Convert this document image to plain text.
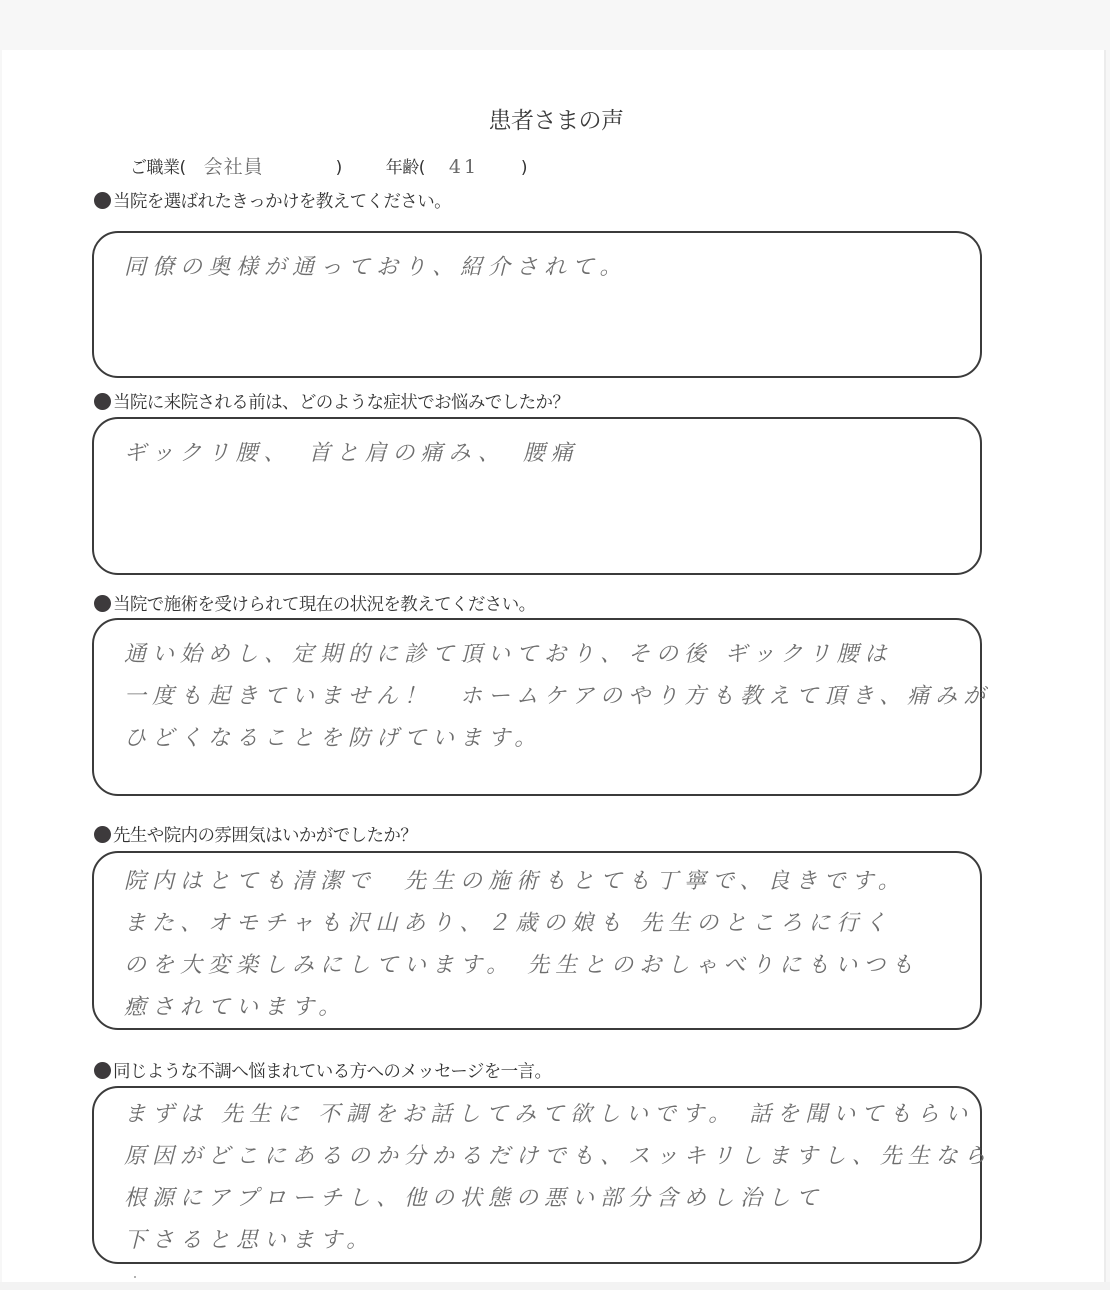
患者さまの声
ご職業( 会社員	)	年齢(	41	)
当院を選ばれたきっかけを教えてください。
同僚の奥様が通っており、紹介されて。
当院に来院される前は、どのような症状でお悩みでしたか？
ギックリ腰、　首と肩の痛み、　腰痛
当院で施術を受けられて現在の状況を教えてください。
通い始めし、定期的に診て頂いており、その後 ギックリ腰は
一度も起きていません！　ホームケアのやり方も教えて頂き、痛みが
ひどくなることを防げています。
先生や院内の雰囲気はいかがでしたか？
院内はとても清潔で　先生の施術もとても丁寧で、良きです。
また、オモチャも沢山あり、２歳の娘も 先生のところに行く
のを大変楽しみにしています。 先生とのおしゃべりにもいつも
癒されています。
同じような不調へ悩まれている方へのメッセージを一言。
まずは 先生に 不調をお話してみて欲しいです。 話を聞いてもらい
原因がどこにあるのか分かるだけでも、スッキリしますし、先生なら
根源にアプローチし、他の状態の悪い部分含めし治して
下さると思います。
